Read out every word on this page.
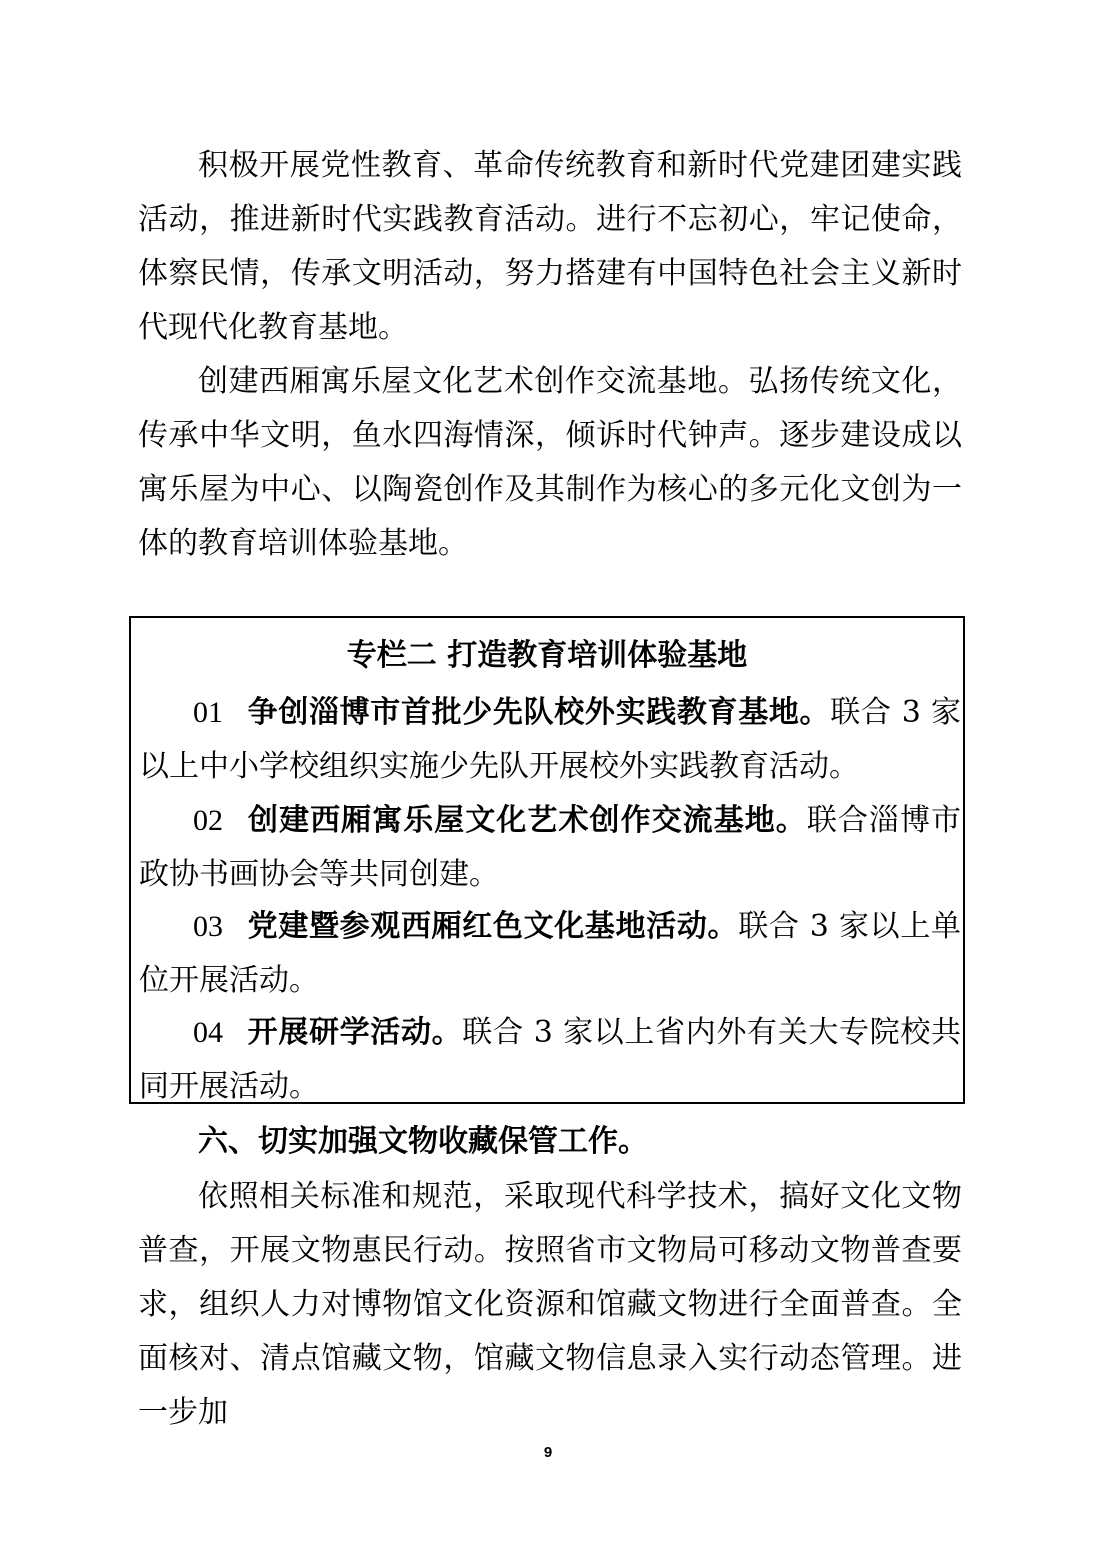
积极开展党性教育、革命传统教育和新时代党建团建实践活动，推进新时代实践教育活动。进行不忘初心，牢记使命，体察民情，传承文明活动，努力搭建有中国特色社会主义新时代现代化教育基地。

创建西厢寓乐屋文化艺术创作交流基地。弘扬传统文化，传承中华文明，鱼水四海情深，倾诉时代钟声。逐步建设成以寓乐屋为中心、以陶瓷创作及其制作为核心的多元化文创为一体的教育培训体验基地。

专栏二 打造教育培训体验基地

01 争创淄博市首批少先队校外实践教育基地。联合 3 家以上中小学校组织实施少先队开展校外实践教育活动。

02 创建西厢寓乐屋文化艺术创作交流基地。联合淄博市政协书画协会等共同创建。

03 党建暨参观西厢红色文化基地活动。联合 3 家以上单位开展活动。

04 开展研学活动。联合 3 家以上省内外有关大专院校共同开展活动。

六、切实加强文物收藏保管工作。

依照相关标准和规范，采取现代科学技术，搞好文化文物普查，开展文物惠民行动。按照省市文物局可移动文物普查要求，组织人力对博物馆文化资源和馆藏文物进行全面普查。全面核对、清点馆藏文物，馆藏文物信息录入实行动态管理。进一步加

9
